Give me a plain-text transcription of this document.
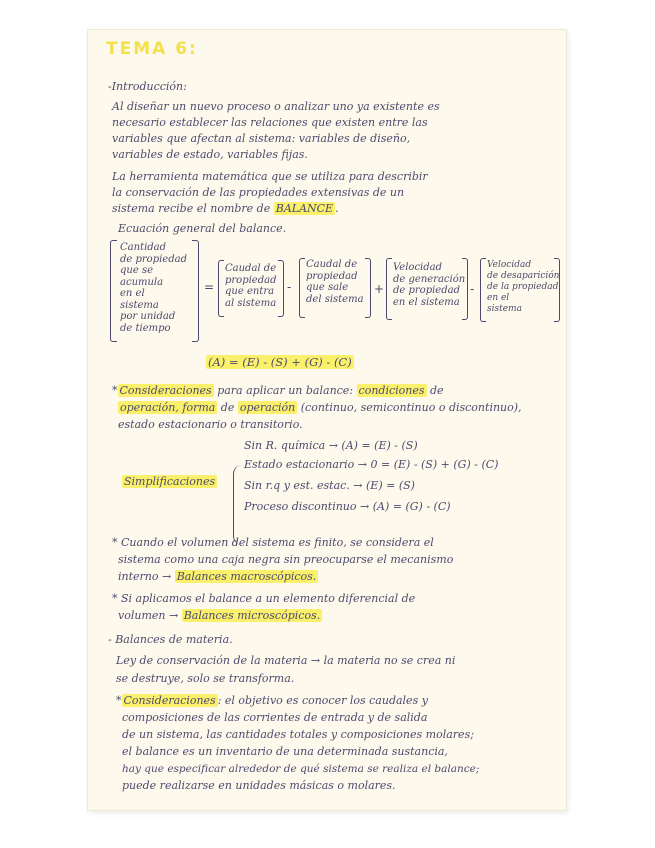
TEMA 6:
-Introducción:
Al diseñar un nuevo proceso o analizar uno ya existente es
necesario establecer las relaciones que existen entre las
variables que afectan al sistema: variables de diseño,
variables de estado, variables fijas.
La herramienta matemática que se utiliza para describir
la conservación de las propiedades extensivas de un
sistema recibe el nombre de BALANCE .
Ecuación general del balance.
Cantidad
de propiedad
que se
acumula
en el
sistema
por unidad
de tiempo
=
Caudal de
propiedad
que entra
al sistema
-
Caudal de
propiedad
que sale
del sistema
+
Velocidad
de generación
de propiedad
en el sistema
-
Velocidad
de desaparición
de la propiedad
en el
sistema
(A) = (E) - (S) + (G) - (C)
* Consideraciones para aplicar un balance: condiciones de
operación, forma de operación (continuo, semicontinuo o discontinuo),
estado estacionario o transitorio.
Simplificaciones
Sin R. química → (A) = (E) - (S)
Estado estacionario → 0 = (E) - (S) + (G) - (C)
Sin r.q y est. estac. → (E) = (S)
Proceso discontinuo → (A) = (G) - (C)
* Cuando el volumen del sistema es finito, se considera el
sistema como una caja negra sin preocuparse el mecanismo
interno → Balances macroscópicos.
* Si aplicamos el balance a un elemento diferencial de
volumen → Balances microscópicos.
- Balances de materia.
Ley de conservación de la materia → la materia no se crea ni
se destruye, solo se transforma.
* Consideraciones : el objetivo es conocer los caudales y
composiciones de las corrientes de entrada y de salida
de un sistema, las cantidades totales y composiciones molares;
el balance es un inventario de una determinada sustancia,
hay que especificar alrededor de qué sistema se realiza el balance;
puede realizarse en unidades másicas o molares.
